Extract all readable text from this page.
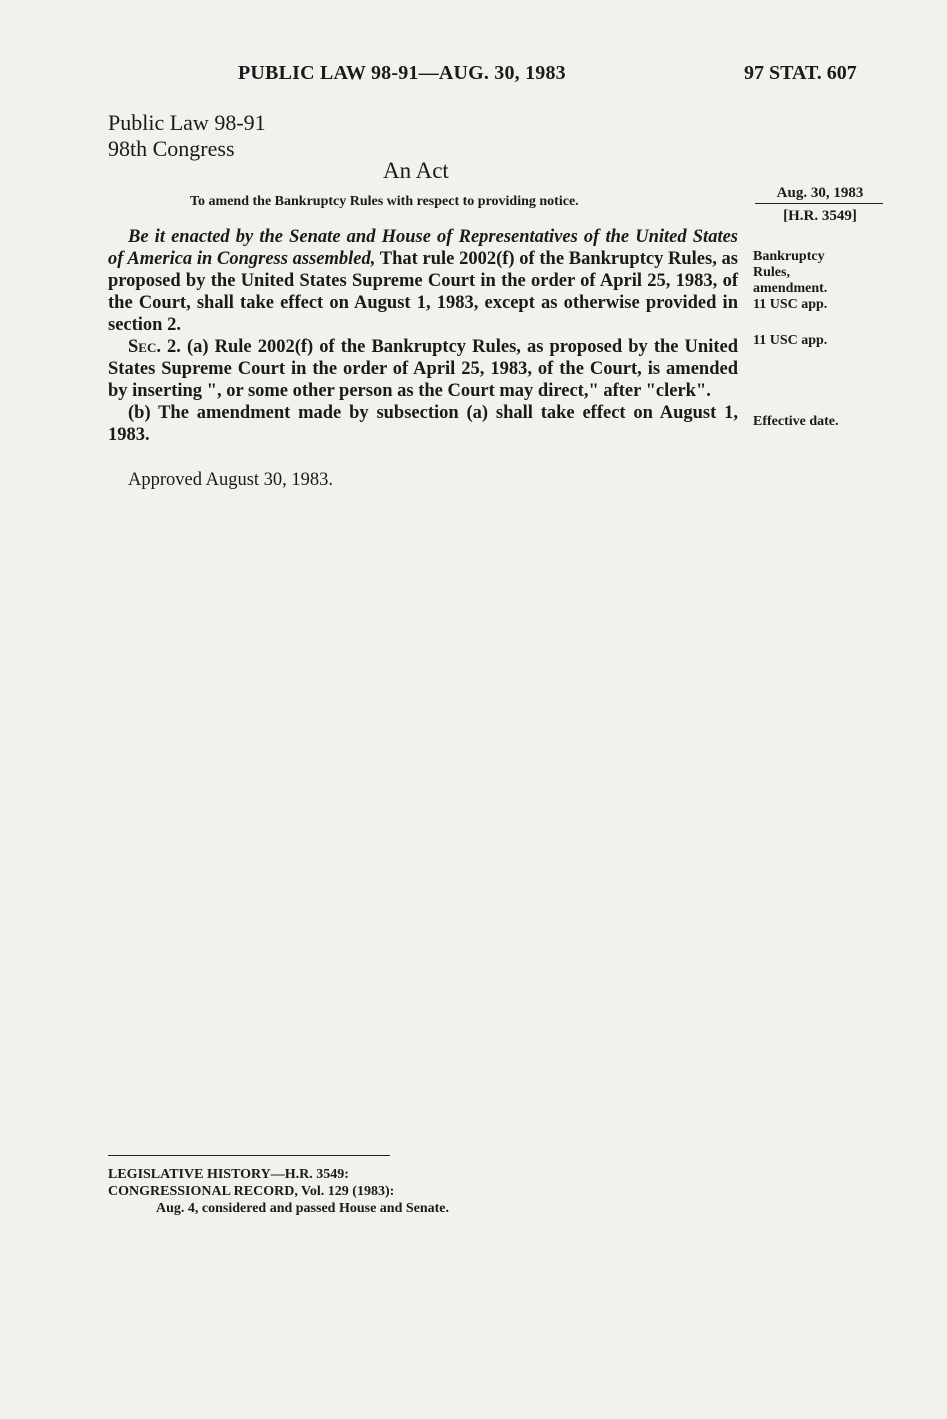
PUBLIC LAW 98-91—AUG. 30, 1983	97 STAT. 607
Public Law 98-91
98th Congress
An Act
To amend the Bankruptcy Rules with respect to providing notice.
Aug. 30, 1983
[H.R. 3549]

Be it enacted by the Senate and House of Representatives of the United States of America in Congress assembled, That rule 2002(f) of the Bankruptcy Rules, as proposed by the United States Supreme Court in the order of April 25, 1983, of the Court, shall take effect on August 1, 1983, except as otherwise provided in section 2.

Sec. 2. (a) Rule 2002(f) of the Bankruptcy Rules, as proposed by the United States Supreme Court in the order of April 25, 1983, of the Court, is amended by inserting ", or some other person as the Court may direct," after "clerk".

(b) The amendment made by subsection (a) shall take effect on August 1, 1983.

Approved August 30, 1983.
Bankruptcy
Rules,
amendment.
11 USC app.
11 USC app.
Effective date.
LEGISLATIVE HISTORY—H.R. 3549:
CONGRESSIONAL RECORD, Vol. 129 (1983):
Aug. 4, considered and passed House and Senate.
